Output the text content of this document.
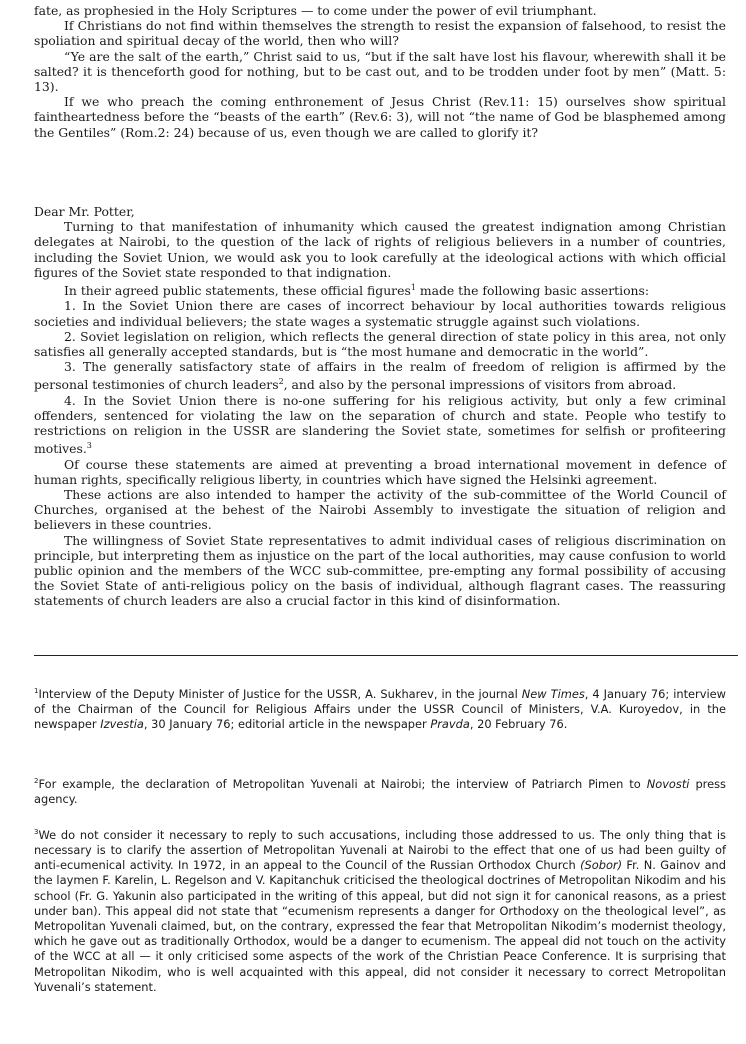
fate, as prophesied in the Holy Scriptures — to come under the power of evil triumphant.

If Christians do not find within themselves the strength to resist the expansion of falsehood, to resist the spoliation and spiritual decay of the world, then who will?

“Ye are the salt of the earth,” Christ said to us, “but if the salt have lost his flavour, wherewith shall it be salted? it is thenceforth good for nothing, but to be cast out, and to be trodden under foot by men” (Matt. 5: 13).

If we who preach the coming enthronement of Jesus Christ (Rev.11: 15) ourselves show spiritual faintheartedness before the “beasts of the earth” (Rev.6: 3), will not “the name of God be blasphemed among the Gentiles” (Rom.2: 24) because of us, even though we are called to glorify it?

Dear Mr. Potter,

Turning to that manifestation of inhumanity which caused the greatest indignation among Christian delegates at Nairobi, to the question of the lack of rights of religious believers in a number of countries, including the Soviet Union, we would ask you to look carefully at the ideological actions with which official figures of the Soviet state responded to that indignation.

In their agreed public statements, these official figures$^1$ made the following basic assertions:

1. In the Soviet Union there are cases of incorrect behaviour by local authorities towards religious societies and individual believers; the state wages a systematic struggle against such violations.

2. Soviet legislation on religion, which reflects the general direction of state policy in this area, not only satisfies all generally accepted standards, but is “the most humane and democratic in the world”.

3. The generally satisfactory state of affairs in the realm of freedom of religion is affirmed by the personal testimonies of church leaders$^2$, and also by the personal impressions of visitors from abroad.

4. In the Soviet Union there is no-one suffering for his religious activity, but only a few criminal offenders, sentenced for violating the law on the separation of church and state. People who testify to restrictions on religion in the USSR are slandering the Soviet state, sometimes for selfish or profiteering motives.$^3$

Of course these statements are aimed at preventing a broad international movement in defence of human rights, specifically religious liberty, in countries which have signed the Helsinki agreement.

These actions are also intended to hamper the activity of the sub-committee of the World Council of Churches, organised at the behest of the Nairobi Assembly to investigate the situation of religion and believers in these countries.

The willingness of Soviet State representatives to admit individual cases of religious discrimination on principle, but interpreting them as injustice on the part of the local authorities, may cause confusion to world public opinion and the members of the WCC sub-committee, pre-empting any formal possibility of accusing the Soviet State of anti-religious policy on the basis of individual, although flagrant cases. The reassuring statements of church leaders are also a crucial factor in this kind of disinformation.

$^1$Interview of the Deputy Minister of Justice for the USSR, A. Sukharev, in the journal New Times, 4 January 76; interview of the Chairman of the Council for Religious Affairs under the USSR Council of Ministers, V.A. Kuroyedov, in the newspaper Izvestia, 30 January 76; editorial article in the newspaper Pravda, 20 February 76.

$^2$For example, the declaration of Metropolitan Yuvenali at Nairobi; the interview of Patriarch Pimen to Novosti press agency.

$^3$We do not consider it necessary to reply to such accusations, including those addressed to us. The only thing that is necessary is to clarify the assertion of Metropolitan Yuvenali at Nairobi to the effect that one of us had been guilty of anti-ecumenical activity. In 1972, in an appeal to the Council of the Russian Orthodox Church (Sobor) Fr. N. Gainov and the laymen F. Karelin, L. Regelson and V. Kapitanchuk criticised the theological doctrines of Metropolitan Nikodim and his school (Fr. G. Yakunin also participated in the writing of this appeal, but did not sign it for canonical reasons, as a priest under ban). This appeal did not state that “ecumenism represents a danger for Orthodoxy on the theological level”, as Metropolitan Yuvenali claimed, but, on the contrary, expressed the fear that Metropolitan Nikodim’s modernist theology, which he gave out as traditionally Orthodox, would be a danger to ecumenism. The appeal did not touch on the activity of the WCC at all — it only criticised some aspects of the work of the Christian Peace Conference. It is surprising that Metropolitan Nikodim, who is well acquainted with this appeal, did not consider it necessary to correct Metropolitan Yuvenali’s statement.
